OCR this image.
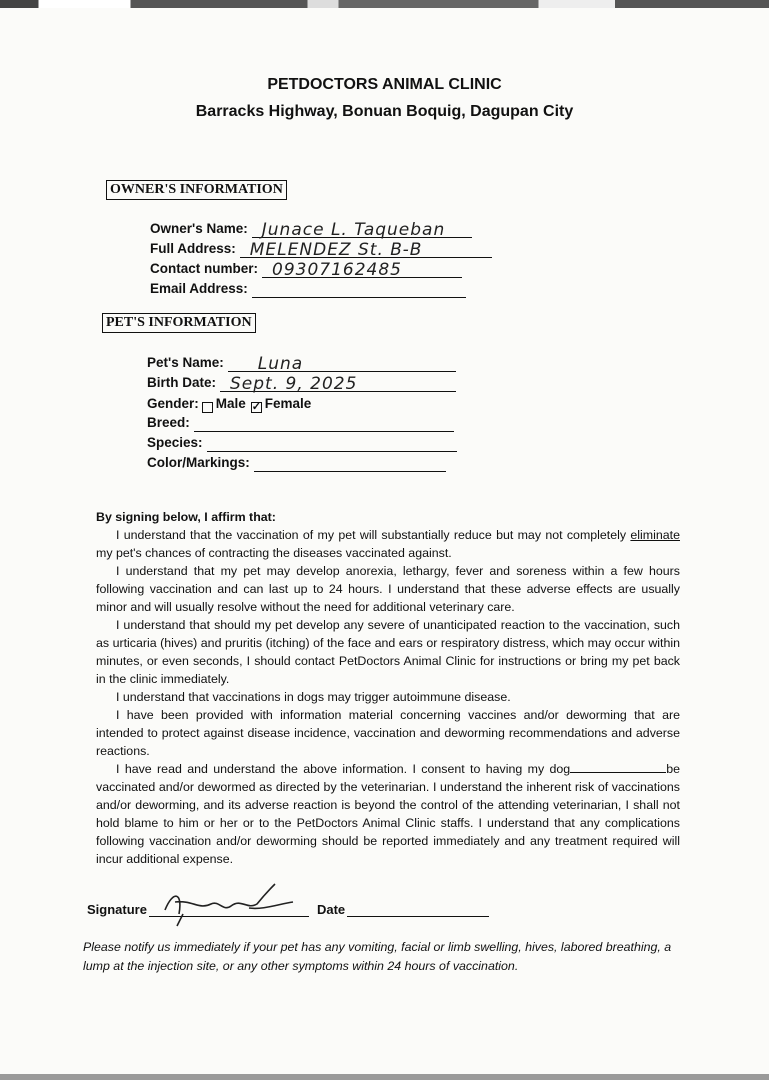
PETDOCTORS ANIMAL CLINIC
Barracks Highway, Bonuan Boquig, Dagupan City
OWNER'S INFORMATION
Owner's Name: Junace L. Taqueban
Full Address: MELENDEZ St. B-B
Contact number: 09307162485
Email Address:
PET'S INFORMATION
Pet's Name: Luna
Birth Date: Sept. 9, 2025
Gender: Male
✓ Female
Breed:
Species:
Color/Markings:

By signing below, I affirm that:

I understand that the vaccination of my pet will substantially reduce but may not completely eliminate my pet's chances of contracting the diseases vaccinated against.

I understand that my pet may develop anorexia, lethargy, fever and soreness within a few hours following vaccination and can last up to 24 hours. I understand that these adverse effects are usually minor and will usually resolve without the need for additional veterinary care.

I understand that should my pet develop any severe of unanticipated reaction to the vaccination, such as urticaria (hives) and pruritis (itching) of the face and ears or respiratory distress, which may occur within minutes, or even seconds, I should contact PetDoctors Animal Clinic for instructions or bring my pet back in the clinic immediately.

I understand that vaccinations in dogs may trigger autoimmune disease.

I have been provided with information material concerning vaccines and/or deworming that are intended to protect against disease incidence, vaccination and deworming recommendations and adverse reactions.

I have read and understand the above information. I consent to having my dog	be vaccinated and/or dewormed as directed by the veterinarian. I understand the inherent risk of vaccinations and/or deworming, and its adverse reaction is beyond the control of the attending veterinarian, I shall not hold blame to him or her or to the PetDoctors Animal Clinic staffs. I understand that any complications following vaccination and/or deworming should be reported immediately and any treatment required will incur additional expense.

Signature	Date
Please notify us immediately if your pet has any vomiting, facial or limb swelling, hives, labored breathing, a lump at the injection site, or any other symptoms within 24 hours of vaccination.
